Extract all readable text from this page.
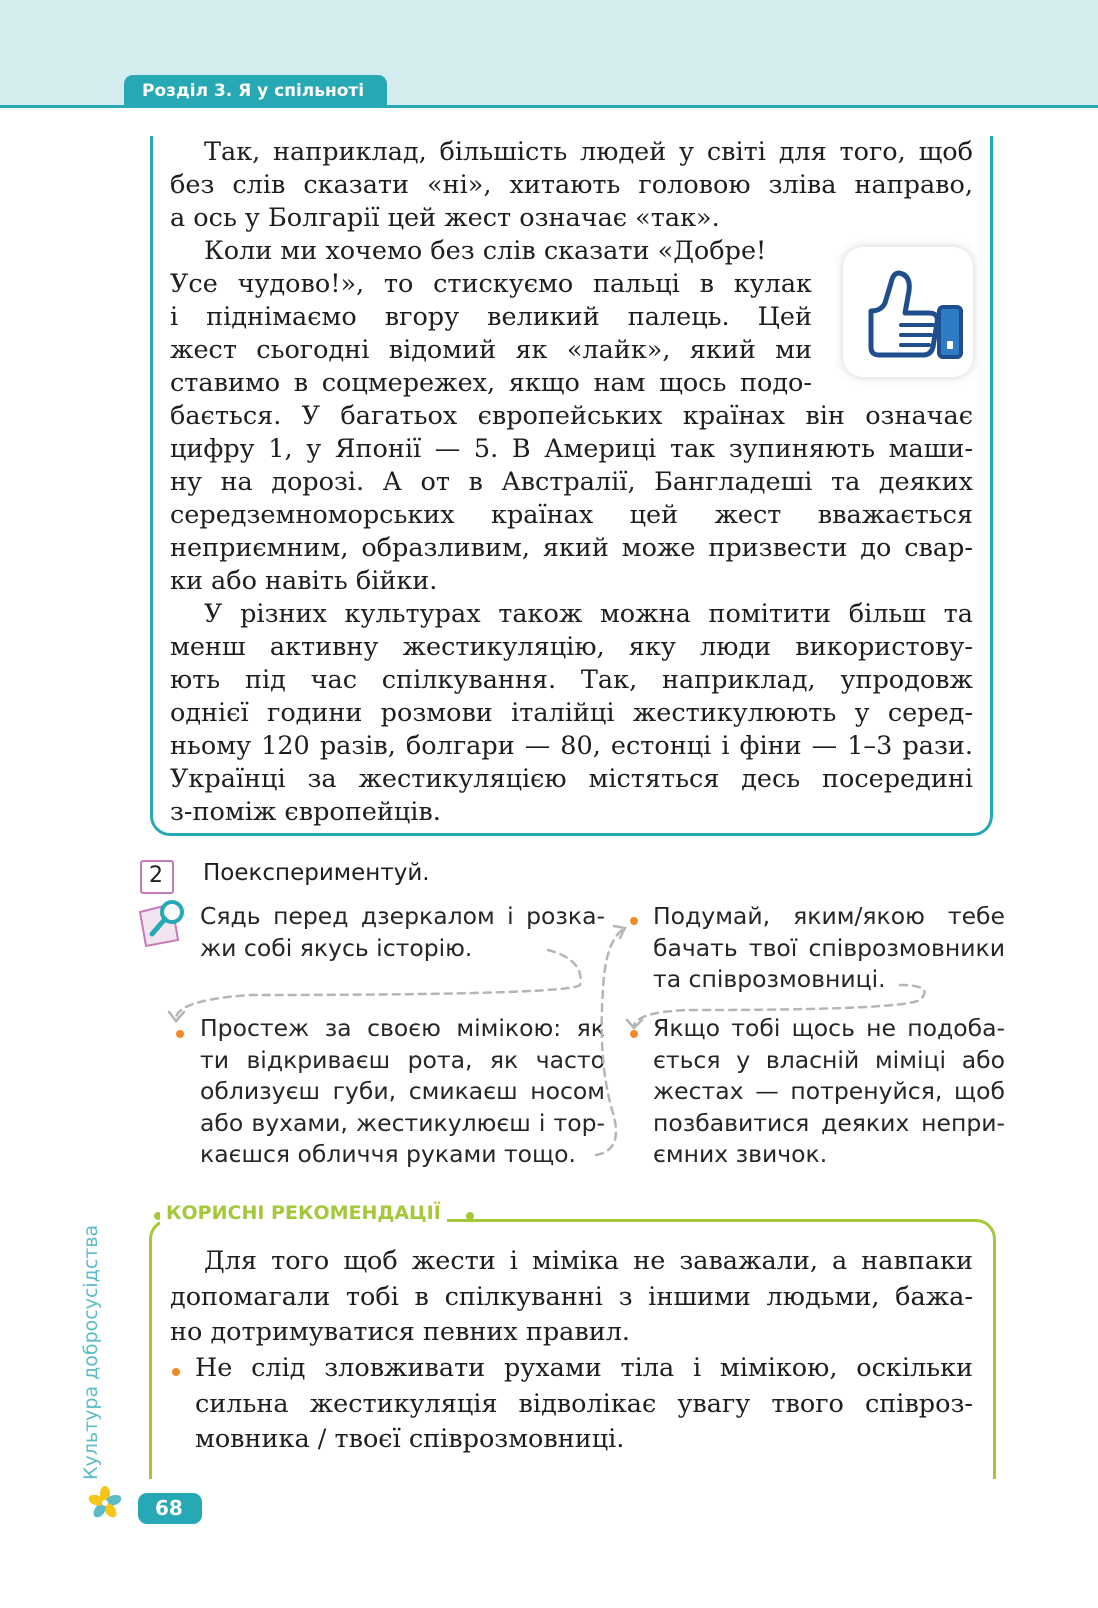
Розділ 3. Я у спільноті
Так, наприклад, більшість людей у світі для того, щоб
без слів сказати «ні», хитають головою зліва направо,
а ось у Болгарії цей жест означає «так».
Коли ми хочемо без слів сказати «Добре!
Усе чудово!», то стискуємо пальці в кулак
і піднімаємо вгору великий палець. Цей
жест сьогодні відомий як «лайк», який ми
ставимо в соцмережех, якщо нам щось подо-
бається. У багатьох європейських країнах він означає
цифру 1, у Японії — 5. В Америці так зупиняють маши-
ну на дорозі. А от в Австралії, Бангладеші та деяких
середземноморських країнах цей жест вважається
неприємним, образливим, який може призвести до свар-
ки або навіть бійки.
У різних культурах також можна помітити більш та
менш активну жестикуляцію, яку люди використову-
ють під час спілкування. Так, наприклад, упродовж
однієї години розмови італійці жестикулюють у серед-
ньому 120 разів, болгари — 80, естонці і фіни — 1–3 рази.
Українці за жестикуляцією містяться десь посередині
з-поміж європейців.
2 Поекспериментуй.
Сядь перед дзеркалом і розка-
жи собі якусь історію.
Подумай, яким/якою тебе
бачать твої співрозмовники
та співрозмовниці.
Простеж за своєю мімікою: як
ти відкриваєш рота, як часто
облизуєш губи, смикаєш носом
або вухами, жестикулюєш і тор-
каєшся обличчя руками тощо.
Якщо тобі щось не подоба-
ється у власній міміці або
жестах — потренуйся, щоб
позбавитися деяких непри-
ємних звичок.
КОРИСНІ РЕКОМЕНДАЦІЇ
Для того щоб жести і міміка не заважали, а навпаки
допомагали тобі в спілкуванні з іншими людьми, бажа-
но дотримуватися певних правил.
Не слід зловживати рухами тіла і мімікою, оскільки
сильна жестикуляція відволікає увагу твого співроз-
мовника / твоєї співрозмовниці.
Культура добросусідства
68
